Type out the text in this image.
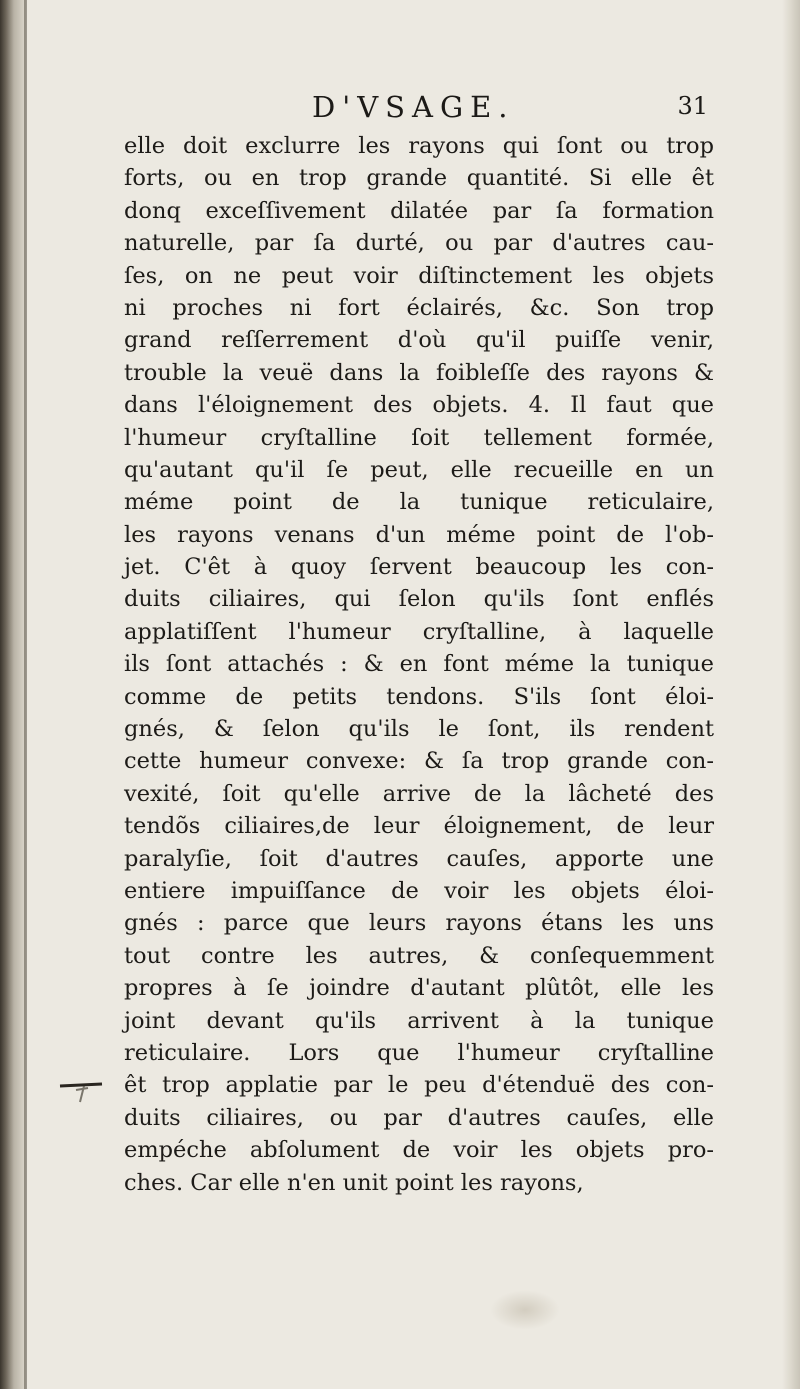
D'VSAGE.	31
elle doit exclurre les rayons qui ſont ou trop
forts, ou en trop grande quantité. Si elle êt
donq exceſſivement dilatée par ſa formation
naturelle, par ſa durté, ou par d'autres cau-
ſes, on ne peut voir diſtinctement les objets
ni proches ni fort éclairés, &c. Son trop
grand reſſerrement d'où qu'il puiſſe venir,
trouble la veuë dans la foibleſſe des rayons &
dans l'éloignement des objets. 4. Il faut que
l'humeur cryſtalline ſoit tellement formée,
qu'autant qu'il ſe peut, elle recueille en un
méme point de la tunique reticulaire,
les rayons venans d'un méme point de l'ob-
jet. C'êt à quoy ſervent beaucoup les con-
duits ciliaires, qui ſelon qu'ils ſont enflés
applatiſſent l'humeur cryſtalline, à laquelle
ils ſont attachés : & en font méme la tunique
comme de petits tendons. S'ils ſont éloi-
gnés, & ſelon qu'ils le ſont, ils rendent
cette humeur convexe: & ſa trop grande con-
vexité, ſoit qu'elle arrive de la lâcheté des
tendõs ciliaires,de leur éloignement, de leur
paralyſie, ſoit d'autres cauſes, apporte une
entiere impuiſſance de voir les objets éloi-
gnés : parce que leurs rayons étans les uns
tout contre les autres, & conſequemment
propres à ſe joindre d'autant plûtôt, elle les
joint devant qu'ils arrivent à la tunique
reticulaire. Lors que l'humeur cryſtalline
êt trop applatie par le peu d'étenduë des con-
duits ciliaires, ou par d'autres cauſes, elle
empéche abſolument de voir les objets pro-
ches. Car elle n'en unit point les rayons,
